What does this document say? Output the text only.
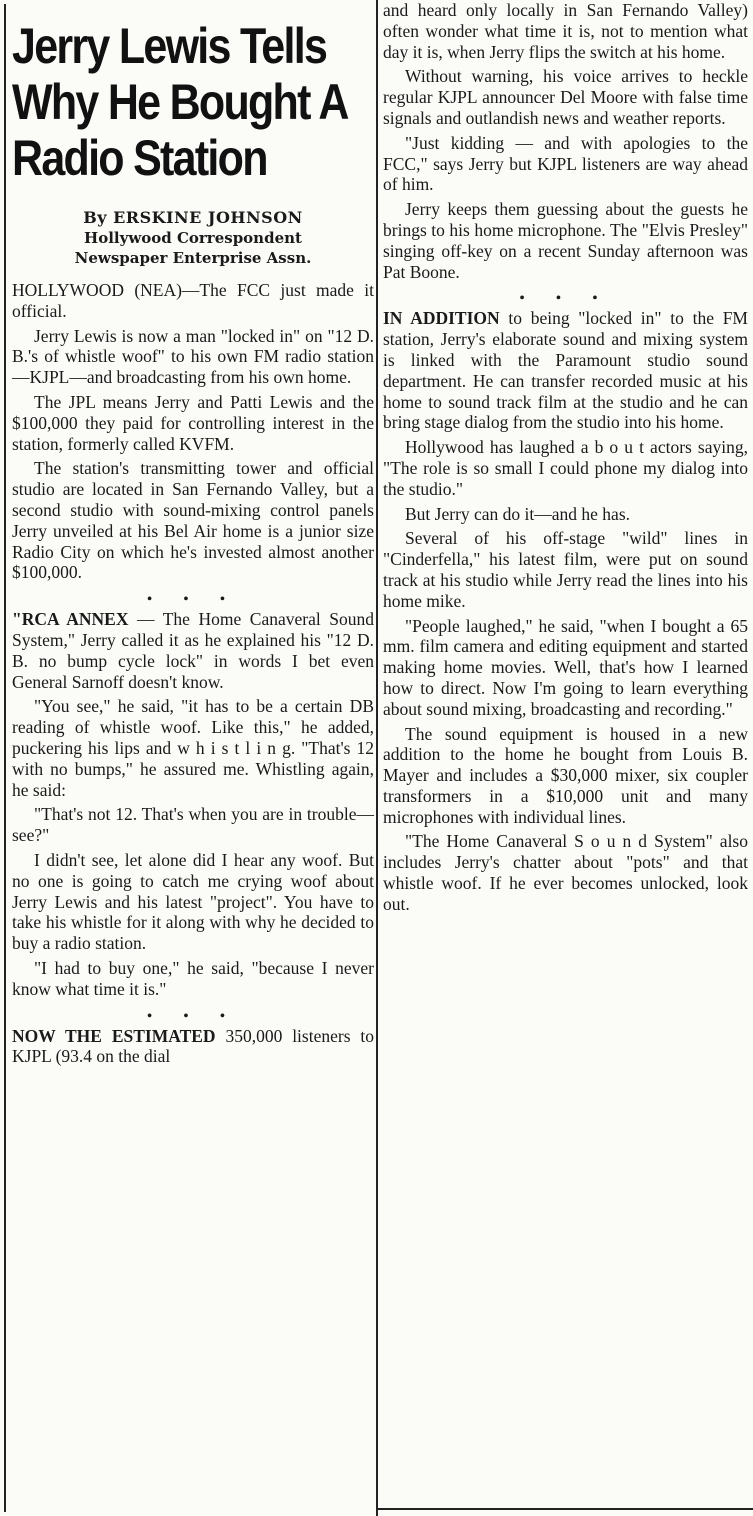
Jerry Lewis Tells Why He Bought A Radio Station
By ERSKINE JOHNSON
Hollywood Correspondent
Newspaper Enterprise Assn.

HOLLYWOOD (NEA)—The FCC just made it official.

Jerry Lewis is now a man "locked in" on "12 D. B.'s of whistle woof" to his own FM radio station—KJPL—and broadcasting from his own home.

The JPL means Jerry and Patti Lewis and the $100,000 they paid for controlling interest in the station, formerly called KVFM.

The station's transmitting tower and official studio are located in San Fernando Valley, but a second studio with sound-mixing control panels Jerry unveiled at his Bel Air home is a junior size Radio City on which he's invested almost another $100,000.

• • •

"RCA ANNEX — The Home Canaveral Sound System," Jerry called it as he explained his "12 D. B. no bump cycle lock" in words I bet even General Sarnoff doesn't know.

"You see," he said, "it has to be a certain DB reading of whistle woof. Like this," he added, puckering his lips and w h i s t l i n g. "That's 12 with no bumps," he assured me. Whistling again, he said:

"That's not 12. That's when you are in trouble—see?"

I didn't see, let alone did I hear any woof. But no one is going to catch me crying woof about Jerry Lewis and his latest "project". You have to take his whistle for it along with why he decided to buy a radio station.

"I had to buy one," he said, "because I never know what time it is."

• • •

NOW THE ESTIMATED 350,000 listeners to KJPL (93.4 on the dial

and heard only locally in San Fernando Valley) often wonder what time it is, not to mention what day it is, when Jerry flips the switch at his home.

Without warning, his voice arrives to heckle regular KJPL announcer Del Moore with false time signals and outlandish news and weather reports.

"Just kidding — and with apologies to the FCC," says Jerry but KJPL listeners are way ahead of him.

Jerry keeps them guessing about the guests he brings to his home microphone. The "Elvis Presley" singing off-key on a recent Sunday afternoon was Pat Boone.

• • •

IN ADDITION to being "locked in" to the FM station, Jerry's elaborate sound and mixing system is linked with the Paramount studio sound department. He can transfer recorded music at his home to sound track film at the studio and he can bring stage dialog from the studio into his home.

Hollywood has laughed a b o u t actors saying, "The role is so small I could phone my dialog into the studio."

But Jerry can do it—and he has.

Several of his off-stage "wild" lines in "Cinderfella," his latest film, were put on sound track at his studio while Jerry read the lines into his home mike.

"People laughed," he said, "when I bought a 65 mm. film camera and editing equipment and started making home movies. Well, that's how I learned how to direct. Now I'm going to learn everything about sound mixing, broadcasting and recording."

The sound equipment is housed in a new addition to the home he bought from Louis B. Mayer and includes a $30,000 mixer, six coupler transformers in a $10,000 unit and many microphones with individual lines.

"The Home Canaveral S o u n d System" also includes Jerry's chatter about "pots" and that whistle woof. If he ever becomes unlocked, look out.
